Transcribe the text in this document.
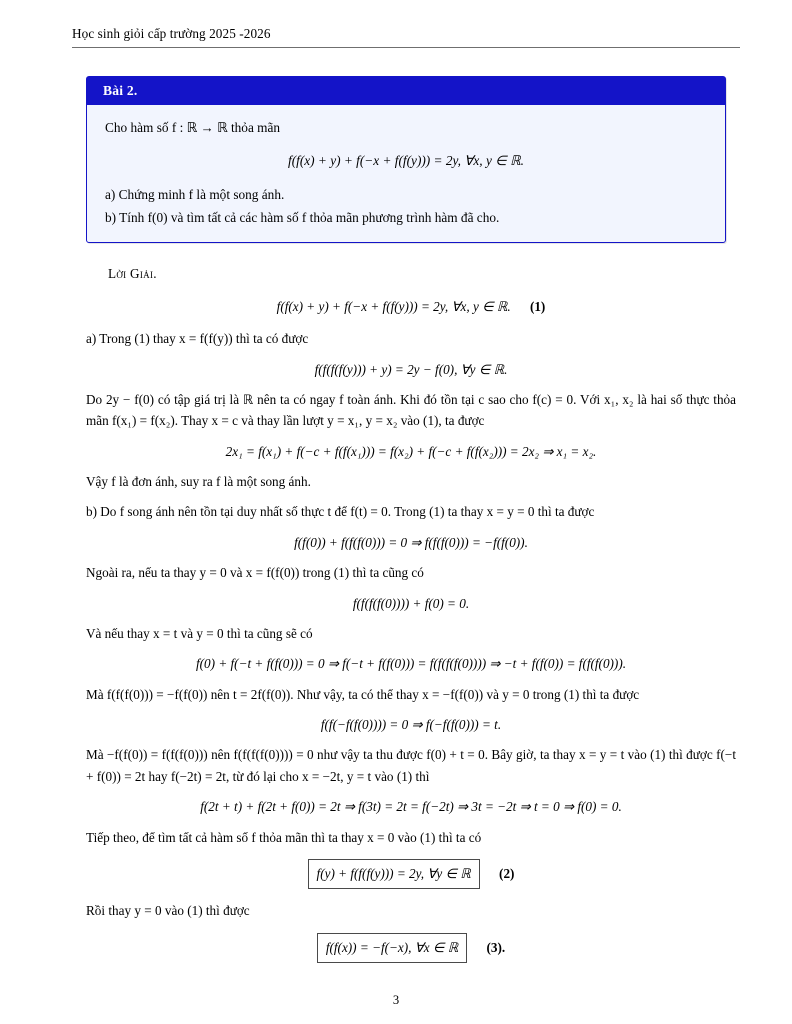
Học sinh giỏi cấp trường 2025 -2026
Bài 2.
Cho hàm số f : ℝ → ℝ thỏa mãn
f(f(x) + y) + f(−x + f(f(y))) = 2y, ∀x, y ∈ ℝ.
a) Chứng minh f là một song ánh.
b) Tính f(0) và tìm tất cả các hàm số f thỏa mãn phương trình hàm đã cho.
Lời Giải.
f(f(x) + y) + f(−x + f(f(y))) = 2y, ∀x, y ∈ ℝ. (1)
a) Trong (1) thay x = f(f(y)) thì ta có được
f(f(f(f(y))) + y) = 2y − f(0), ∀y ∈ ℝ.
Do 2y − f(0) có tập giá trị là ℝ nên ta có ngay f toàn ánh. Khi đó tồn tại c sao cho f(c) = 0. Với x₁, x₂ là hai số thực thỏa mãn f(x₁) = f(x₂). Thay x = c và thay lần lượt y = x₁, y = x₂ vào (1), ta được
2x₁ = f(x₁) + f(−c + f(f(x₁))) = f(x₂) + f(−c + f(f(x₂))) = 2x₂ ⇒ x₁ = x₂.
Vậy f là đơn ánh, suy ra f là một song ánh.
b) Do f song ánh nên tồn tại duy nhất số thực t để f(t) = 0. Trong (1) ta thay x = y = 0 thì ta được
f(f(0)) + f(f(f(0))) = 0 ⇒ f(f(f(0))) = −f(f(0)).
Ngoài ra, nếu ta thay y = 0 và x = f(f(0)) trong (1) thì ta cũng có
f(f(f(f(0)))) + f(0) = 0.
Và nếu thay x = t và y = 0 thì ta cũng sẽ có
f(0) + f(−t + f(f(0))) = 0 ⇒ f(−t + f(f(0))) = f(f(f(f(0)))) ⇒ −t + f(f(0)) = f(f(f(0))).
Mà f(f(f(0))) = −f(f(0)) nên t = 2f(f(0)). Như vậy, ta có thể thay x = −f(f(0)) và y = 0 trong (1) thì ta được
f(f(−f(f(0)))) = 0 ⇒ f(−f(f(0))) = t.
Mà −f(f(0)) = f(f(f(0))) nên f(f(f(f(0)))) = 0 như vậy ta thu được f(0) + t = 0. Bây giờ, ta thay x = y = t vào (1) thì được f(−t + f(0)) = 2t hay f(−2t) = 2t, từ đó lại cho x = −2t, y = t vào (1) thì
f(2t + t) + f(2t + f(0)) = 2t ⇒ f(3t) = 2t = f(−2t) ⇒ 3t = −2t ⇒ t = 0 ⇒ f(0) = 0.
Tiếp theo, để tìm tất cả hàm số f thỏa mãn thì ta thay x = 0 vào (1) thì ta có
f(y) + f(f(f(y))) = 2y, ∀y ∈ ℝ (2)
Rồi thay y = 0 vào (1) thì được
f(f(x)) = −f(−x), ∀x ∈ ℝ (3).
3
